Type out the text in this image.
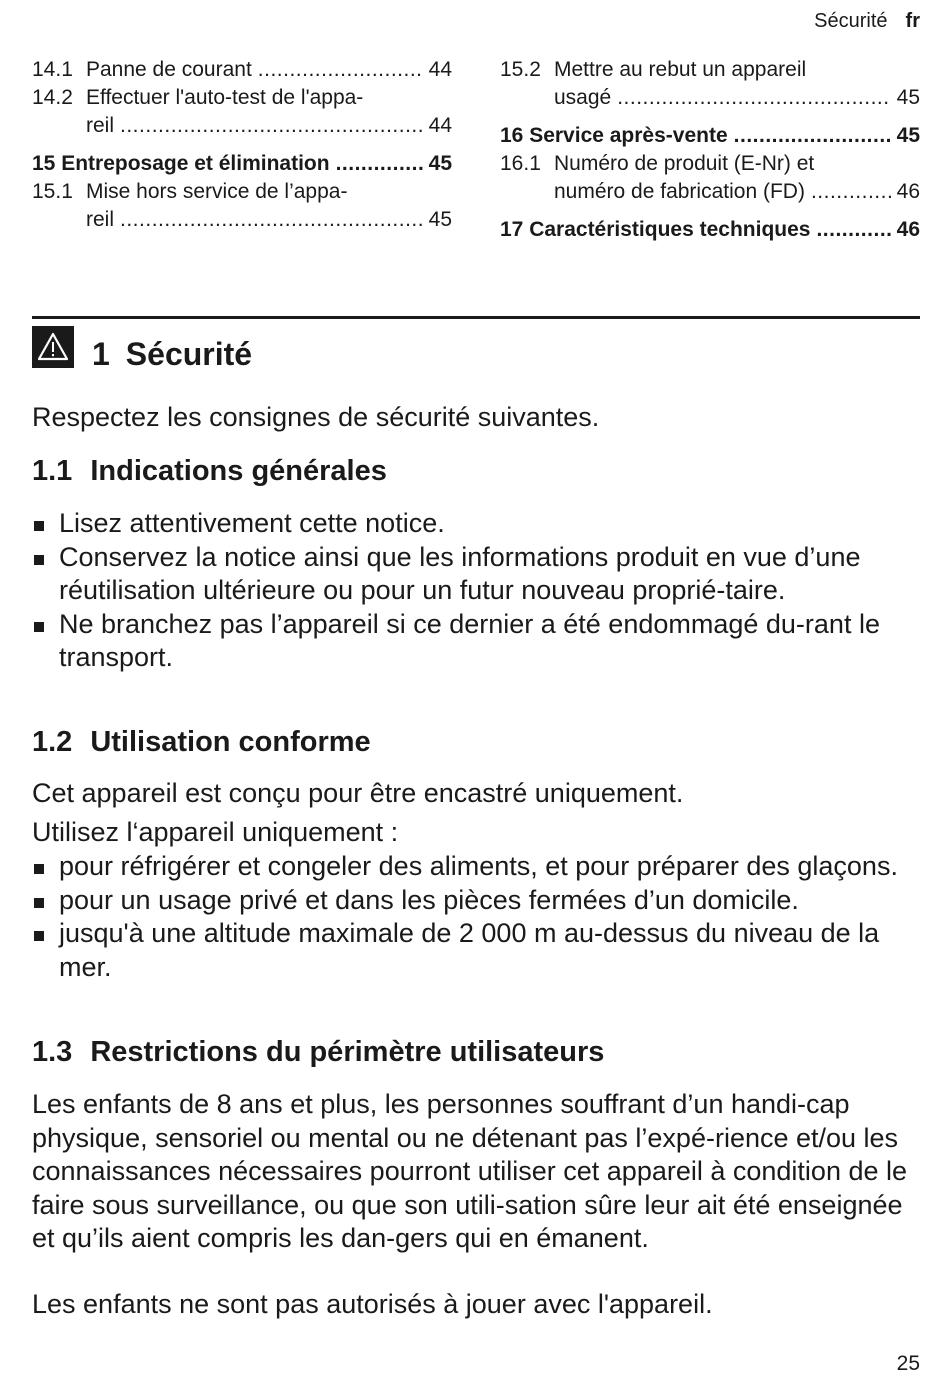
Sécurité fr
14.1 Panne de courant .....	44
14.2 Effectuer l'auto-test de l'appa-
reil .....	44
15 Entreposage et élimination .....	45
15.1 Mise hors service de l’appa-
reil .....	45
15.2 Mettre au rebut un appareil
usagé .....	45
16 Service après-vente .....	45
16.1 Numéro de produit (E-Nr) et
numéro de fabrication (FD) .....	46
17 Caractéristiques techniques .....	46
1 Sécurité
Respectez les consignes de sécurité suivantes.
1.1 Indications générales
Lisez attentivement cette notice.
Conservez la notice ainsi que les informations produit en vue d’une réutilisation ultérieure ou pour un futur nouveau proprié-taire.
Ne branchez pas l’appareil si ce dernier a été endommagé du-rant le transport.
1.2 Utilisation conforme
Cet appareil est conçu pour être encastré uniquement.
Utilisez l‘appareil uniquement :
pour réfrigérer et congeler des aliments, et pour préparer des glaçons.
pour un usage privé et dans les pièces fermées d’un domicile.
jusqu'à une altitude maximale de 2 000 m au-dessus du niveau de la mer.
1.3 Restrictions du périmètre utilisateurs
Les enfants de 8 ans et plus, les personnes souffrant d’un handi-cap physique, sensoriel ou mental ou ne détenant pas l’expé-rience et/ou les connaissances nécessaires pourront utiliser cet appareil à condition de le faire sous surveillance, ou que son utili-sation sûre leur ait été enseignée et qu’ils aient compris les dan-gers qui en émanent.
Les enfants ne sont pas autorisés à jouer avec l'appareil.
25
